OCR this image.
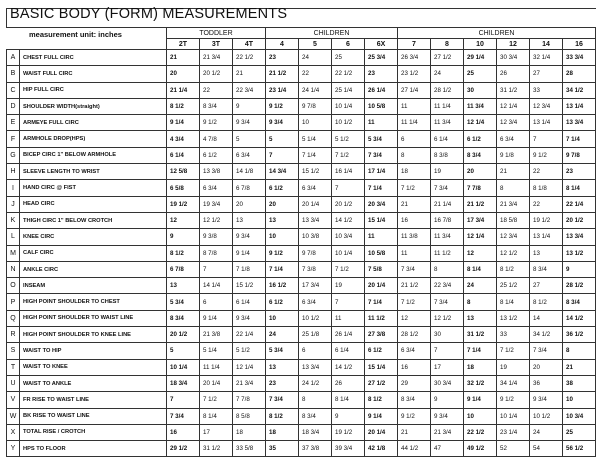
		TODDLER			CHILDREN				CHILDREN					
		2T	3T	4T	4	5	6	6X	7	8	10	12	14	16
A	CHEST FULL CIRC	21	21 3/4	22 1/2	23	24	25	25 3/4	26 3/4	27 1/2	29 1/4	30 3/4	32 1/4	33 3/4
B	WAIST FULL CIRC	20	20 1/2	21	21 1/2	22	22 1/2	23	23 1/2	24	25	26	27	28
C	HIP FULL CIRC	21 1/4	22	22 3/4	23 1/4	24 1/4	25 1/4	26 1/4	27 1/4	28 1/2	30	31 1/2	33	34 1/2
D	SHOULDER WIDTH(straight)	8 1/2	8 3/4	9	9 1/2	9 7/8	10 1/4	10 5/8	11	11 1/4	11 3/4	12 1/4	12 3/4	13 1/4
E	ARMEYE FULL CIRC	9 1/4	9 1/2	9 3/4	9 3/4	10	10 1/2	11	11 1/4	11 3/4	12 1/4	12 3/4	13 1/4	13 3/4
F	ARMHOLE DROP(HPS)	4 3/4	4 7/8	5	5	5 1/4	5 1/2	5 3/4	6	6 1/4	6 1/2	6 3/4	7	7 1/4
G	BICEP CIRC 1" BELOW ARMHOLE	6 1/4	6 1/2	6 3/4	7	7 1/4	7 1/2	7 3/4	8	8 3/8	8 3/4	9 1/8	9 1/2	9 7/8
H	SLEEVE LENGTH TO WRIST	12 5/8	13 3/8	14 1/8	14 3/4	15 1/2	16 1/4	17 1/4	18	19	20	21	22	23
I	HAND CIRC @ FIST	6 5/8	6 3/4	6 7/8	6 1/2	6 3/4	7	7 1/4	7 1/2	7 3/4	7 7/8	8	8 1/8	8 1/4
J	HEAD CIRC	19 1/2	19 3/4	20	20	20 1/4	20 1/2	20 3/4	21	21 1/4	21 1/2	21 3/4	22	22 1/4
K	THIGH CIRC 1" BELOW CROTCH	12	12 1/2	13	13	13 3/4	14 1/2	15 1/4	16	16 7/8	17 3/4	18 5/8	19 1/2	20 1/2
L	KNEE CIRC	9	9 3/8	9 3/4	10	10 3/8	10 3/4	11	11 3/8	11 3/4	12 1/4	12 3/4	13 1/4	13 3/4
M	CALF CIRC	8 1/2	8 7/8	9 1/4	9 1/2	9 7/8	10 1/4	10 5/8	11	11 1/2	12	12 1/2	13	13 1/2
N	ANKLE CIRC	6 7/8	7	7 1/8	7 1/4	7 3/8	7 1/2	7 5/8	7 3/4	8	8 1/4	8 1/2	8 3/4	9
O	INSEAM	13	14 1/4	15 1/2	16 1/2	17 3/4	19	20 1/4	21 1/2	22 3/4	24	25 1/2	27	28 1/2
P	HIGH POINT SHOULDER TO CHEST	5 3/4	6	6 1/4	6 1/2	6 3/4	7	7 1/4	7 1/2	7 3/4	8	8 1/4	8 1/2	8 3/4
Q	HIGH POINT SHOULDER TO WAIST LINE	8 3/4	9 1/4	9 3/4	10	10 1/2	11	11 1/2	12	12 1/2	13	13 1/2	14	14 1/2
R	HIGH POINT SHOULDER TO KNEE LINE	20 1/2	21 3/8	22 1/4	24	25 1/8	26 1/4	27 3/8	28 1/2	30	31 1/2	33	34 1/2	36 1/2
S	WAIST TO HIP	5	5 1/4	5 1/2	5 3/4	6	6 1/4	6 1/2	6 3/4	7	7 1/4	7 1/2	7 3/4	8
T	WAIST TO KNEE	10 1/4	11 1/4	12 1/4	13	13 3/4	14 1/2	15 1/4	16	17	18	19	20	21
U	WAIST TO ANKLE	18 3/4	20 1/4	21 3/4	23	24 1/2	26	27 1/2	29	30 3/4	32 1/2	34 1/4	36	38
V	FR RISE TO WAIST LINE	7	7 1/2	7 7/8	7 3/4	8	8 1/4	8 1/2	8 3/4	9	9 1/4	9 1/2	9 3/4	10
W	BK RISE TO WAIST LINE	7 3/4	8 1/4	8 5/8	8 1/2	8 3/4	9	9 1/4	9 1/2	9 3/4	10	10 1/4	10 1/2	10 3/4
X	TOTAL RISE / CROTCH	16	17	18	18	18 3/4	19 1/2	20 1/4	21	21 3/4	22 1/2	23 1/4	24	25
Y	HPS TO FLOOR	29 1/2	31 1/2	33 5/8	35	37 3/8	39 3/4	42 1/8	44 1/2	47	49 1/2	52	54	56 1/2
BASIC BODY (FORM) MEASUREMENTS
measurement unit: inches
